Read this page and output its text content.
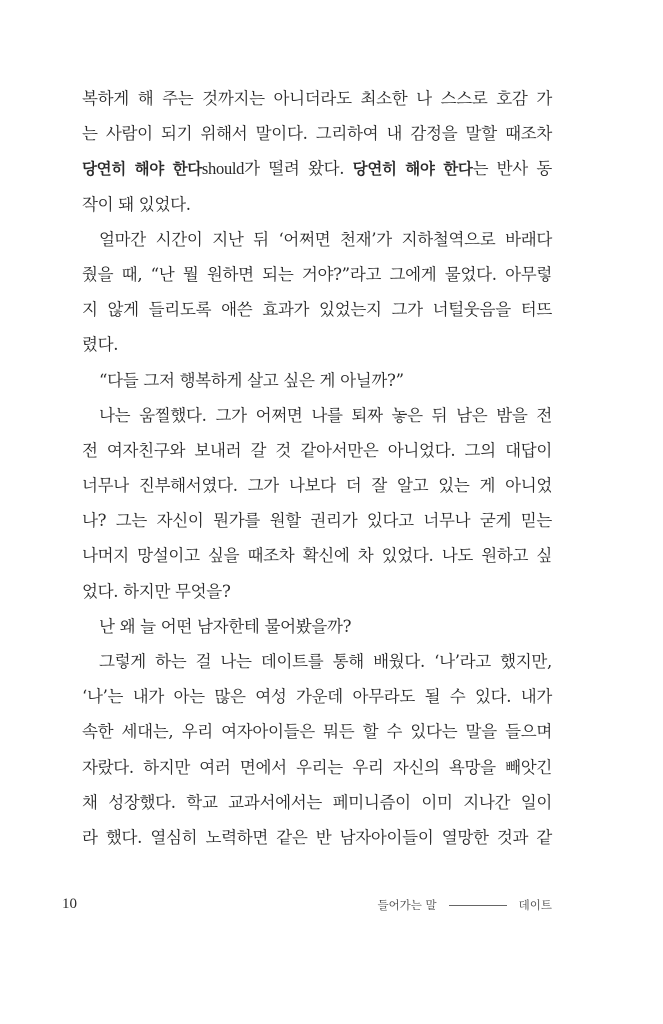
복하게 해 주는 것까지는 아니더라도 최소한 나 스스로 호감 가
는 사람이 되기 위해서 말이다. 그리하여 내 감정을 말할 때조차
당연히 해야 한다should가 떨려 왔다. 당연히 해야 한다는 반사 동
작이 돼 있었다.
얼마간 시간이 지난 뒤 ‘어쩌면 천재’가 지하철역으로 바래다
줬을 때, “난 뭘 원하면 되는 거야?”라고 그에게 물었다. 아무렇
지 않게 들리도록 애쓴 효과가 있었는지 그가 너털웃음을 터뜨
렸다.
“다들 그저 행복하게 살고 싶은 게 아닐까?”
나는 움찔했다. 그가 어쩌면 나를 퇴짜 놓은 뒤 남은 밤을 전
전 여자친구와 보내러 갈 것 같아서만은 아니었다. 그의 대답이
너무나 진부해서였다. 그가 나보다 더 잘 알고 있는 게 아니었
나? 그는 자신이 뭔가를 원할 권리가 있다고 너무나 굳게 믿는
나머지 망설이고 싶을 때조차 확신에 차 있었다. 나도 원하고 싶
었다. 하지만 무엇을?
난 왜 늘 어떤 남자한테 물어봤을까?
그렇게 하는 걸 나는 데이트를 통해 배웠다. ‘나’라고 했지만,
‘나’는 내가 아는 많은 여성 가운데 아무라도 될 수 있다. 내가
속한 세대는, 우리 여자아이들은 뭐든 할 수 있다는 말을 들으며
자랐다. 하지만 여러 면에서 우리는 우리 자신의 욕망을 빼앗긴
채 성장했다. 학교 교과서에서는 페미니즘이 이미 지나간 일이
라 했다. 열심히 노력하면 같은 반 남자아이들이 열망한 것과 같
10	들어가는 말	데이트
